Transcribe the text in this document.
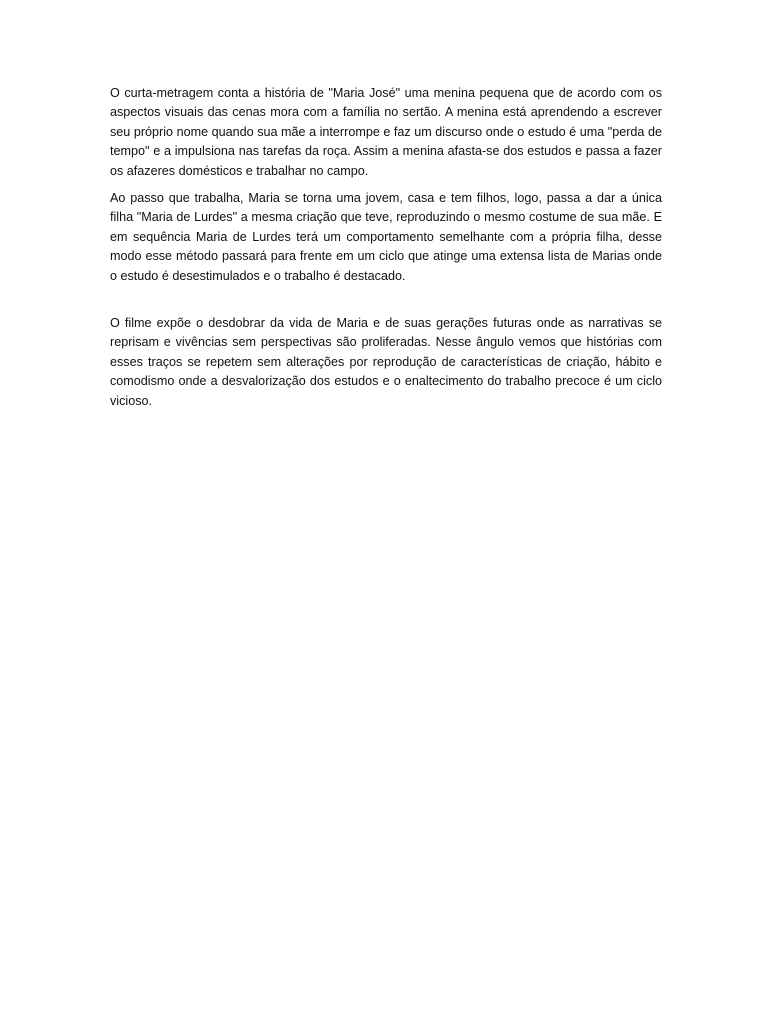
O curta-metragem conta a história de "Maria José" uma menina pequena que de acordo com os aspectos visuais das cenas mora com a família no sertão. A menina está aprendendo a escrever seu próprio nome quando sua mãe a interrompe e faz um discurso onde o estudo é uma "perda de tempo" e a impulsiona nas tarefas da roça. Assim a menina afasta-se dos estudos e passa a fazer os afazeres domésticos e trabalhar no campo.

Ao passo que trabalha, Maria se torna uma jovem, casa e tem filhos, logo, passa a dar a única filha "Maria de Lurdes" a mesma criação que teve, reproduzindo o mesmo costume de sua mãe. E em sequência Maria de Lurdes terá um comportamento semelhante com a própria filha, desse modo esse método passará para frente em um ciclo que atinge uma extensa lista de Marias onde o estudo é desestimulados e o trabalho é destacado.

O filme expõe o desdobrar da vida de Maria e de suas gerações futuras onde as narrativas se reprisam e vivências sem perspectivas são proliferadas. Nesse ângulo vemos que histórias com esses traços se repetem sem alterações por reprodução de características de criação, hábito e comodismo onde a desvalorização dos estudos e o enaltecimento do trabalho precoce é um ciclo vicioso.
